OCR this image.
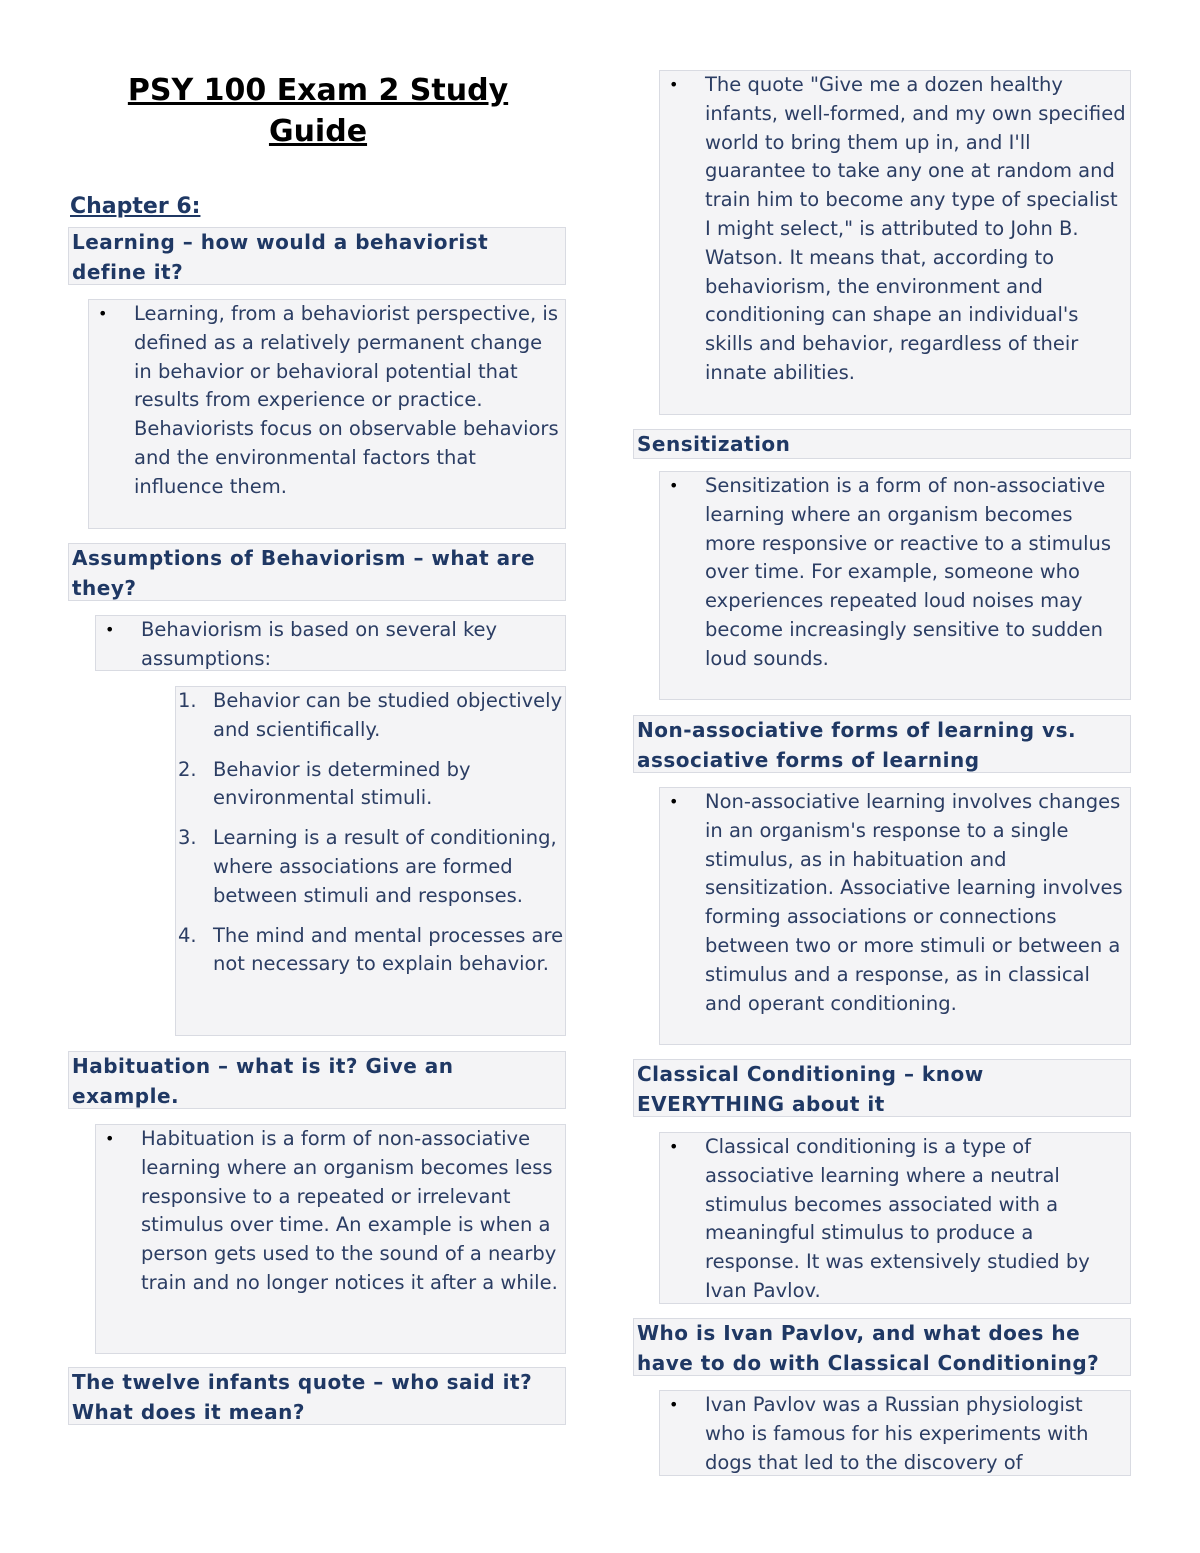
PSY 100 Exam 2 Study
Guide
Chapter 6:
Learning – how would a behaviorist define it?
• Learning, from a behaviorist perspective, is defined as a relatively permanent change in behavior or behavioral potential that results from experience or practice. Behaviorists focus on observable behaviors and the environmental factors that influence them.
Assumptions of Behaviorism – what are they?
• Behaviorism is based on several key assumptions:
1. Behavior can be studied objectively and scientifically.
2. Behavior is determined by environmental stimuli.
3. Learning is a result of conditioning, where associations are formed between stimuli and responses.
4. The mind and mental processes are not necessary to explain behavior.
Habituation – what is it? Give an example.
• Habituation is a form of non-associative learning where an organism becomes less responsive to a repeated or irrelevant stimulus over time. An example is when a person gets used to the sound of a nearby train and no longer notices it after a while.
The twelve infants quote – who said it? What does it mean?
• The quote "Give me a dozen healthy infants, well-formed, and my own specified world to bring them up in, and I'll guarantee to take any one at random and train him to become any type of specialist I might select," is attributed to John B. Watson. It means that, according to behaviorism, the environment and conditioning can shape an individual's skills and behavior, regardless of their innate abilities.
Sensitization
• Sensitization is a form of non-associative learning where an organism becomes more responsive or reactive to a stimulus over time. For example, someone who experiences repeated loud noises may become increasingly sensitive to sudden loud sounds.
Non-associative forms of learning vs. associative forms of learning
• Non-associative learning involves changes in an organism's response to a single stimulus, as in habituation and sensitization. Associative learning involves forming associations or connections between two or more stimuli or between a stimulus and a response, as in classical and operant conditioning.
Classical Conditioning – know EVERYTHING about it
• Classical conditioning is a type of associative learning where a neutral stimulus becomes associated with a meaningful stimulus to produce a response. It was extensively studied by Ivan Pavlov.
Who is Ivan Pavlov, and what does he have to do with Classical Conditioning?
• Ivan Pavlov was a Russian physiologist who is famous for his experiments with dogs that led to the discovery of
